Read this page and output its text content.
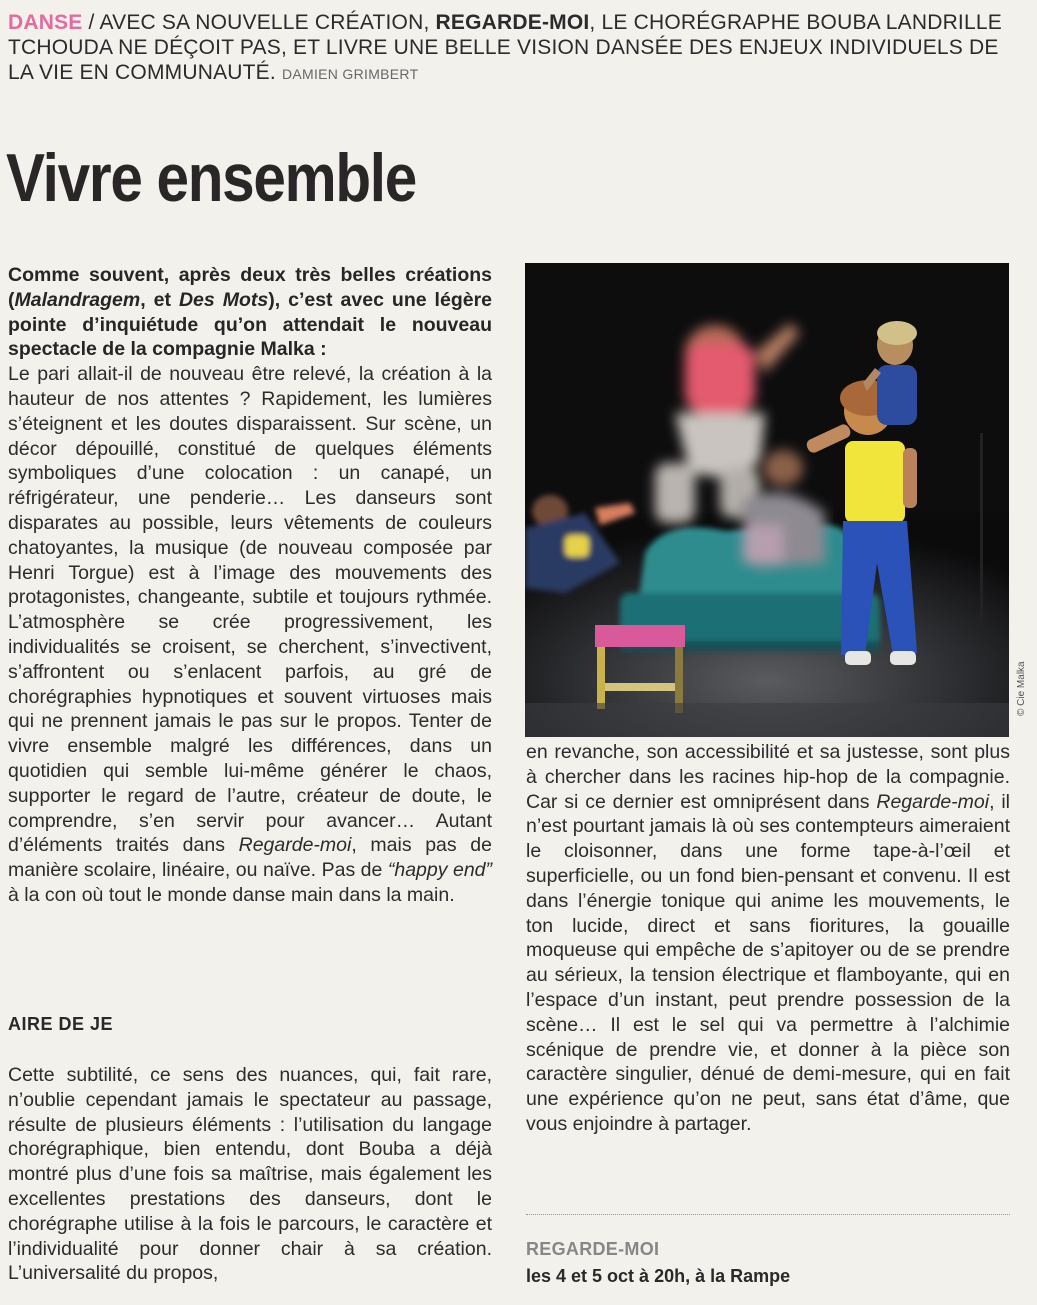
DANSE / AVEC SA NOUVELLE CRÉATION, REGARDE-MOI, LE CHORÉGRAPHE BOUBA LANDRILLE TCHOUDA NE DÉÇOIT PAS, ET LIVRE UNE BELLE VISION DANSÉE DES ENJEUX INDIVIDUELS DE LA VIE EN COMMUNAUTÉ. DAMIEN GRIMBERT
Vivre ensemble

Comme souvent, après deux très belles créations (Malandragem, et Des Mots), c’est avec une légère pointe d’inquiétude qu’on attendait le nouveau spectacle de la compagnie Malka :

Le pari allait-il de nouveau être relevé, la création à la hauteur de nos attentes ? Rapidement, les lumières s’éteignent et les doutes disparaissent. Sur scène, un décor dépouillé, constitué de quelques éléments symboliques d’une colocation : un canapé, un réfrigérateur, une penderie… Les danseurs sont disparates au possible, leurs vêtements de couleurs chatoyantes, la musique (de nouveau composée par Henri Torgue) est à l’image des mouvements des protagonistes, changeante, subtile et toujours rythmée. L’atmosphère se crée progressivement, les individualités se croisent, se cherchent, s’invectivent, s’affrontent ou s’enlacent parfois, au gré de chorégraphies hypnotiques et souvent virtuoses mais qui ne prennent jamais le pas sur le propos. Tenter de vivre ensemble malgré les différences, dans un quotidien qui semble lui-même générer le chaos, supporter le regard de l’autre, créateur de doute, le comprendre, s’en servir pour avancer… Autant d’éléments traités dans Regarde-moi, mais pas de manière scolaire, linéaire, ou naïve. Pas de “happy end” à la con où tout le monde danse main dans la main.

AIRE DE JE

Cette subtilité, ce sens des nuances, qui, fait rare, n’oublie cependant jamais le spectateur au passage, résulte de plusieurs éléments : l’utilisation du langage chorégraphique, bien entendu, dont Bouba a déjà montré plus d’une fois sa maîtrise, mais également les excellentes prestations des danseurs, dont le chorégraphe utilise à la fois le parcours, le caractère et l’individualité pour donner chair à sa création. L’universalité du propos,

© Cie Malka

en revanche, son accessibilité et sa justesse, sont plus à chercher dans les racines hip-hop de la compagnie. Car si ce dernier est omniprésent dans Regarde-moi, il n’est pourtant jamais là où ses contempteurs aimeraient le cloisonner, dans une forme tape-à-l’œil et superficielle, ou un fond bien-pensant et convenu. Il est dans l’énergie tonique qui anime les mouvements, le ton lucide, direct et sans fioritures, la gouaille moqueuse qui empêche de s’apitoyer ou de se prendre au sérieux, la tension électrique et flamboyante, qui en l’espace d’un instant, peut prendre possession de la scène… Il est le sel qui va permettre à l’alchimie scénique de prendre vie, et donner à la pièce son caractère singulier, dénué de demi-mesure, qui en fait une expérience qu’on ne peut, sans état d’âme, que vous enjoindre à partager.

REGARDE-MOI
les 4 et 5 oct à 20h, à la Rampe
